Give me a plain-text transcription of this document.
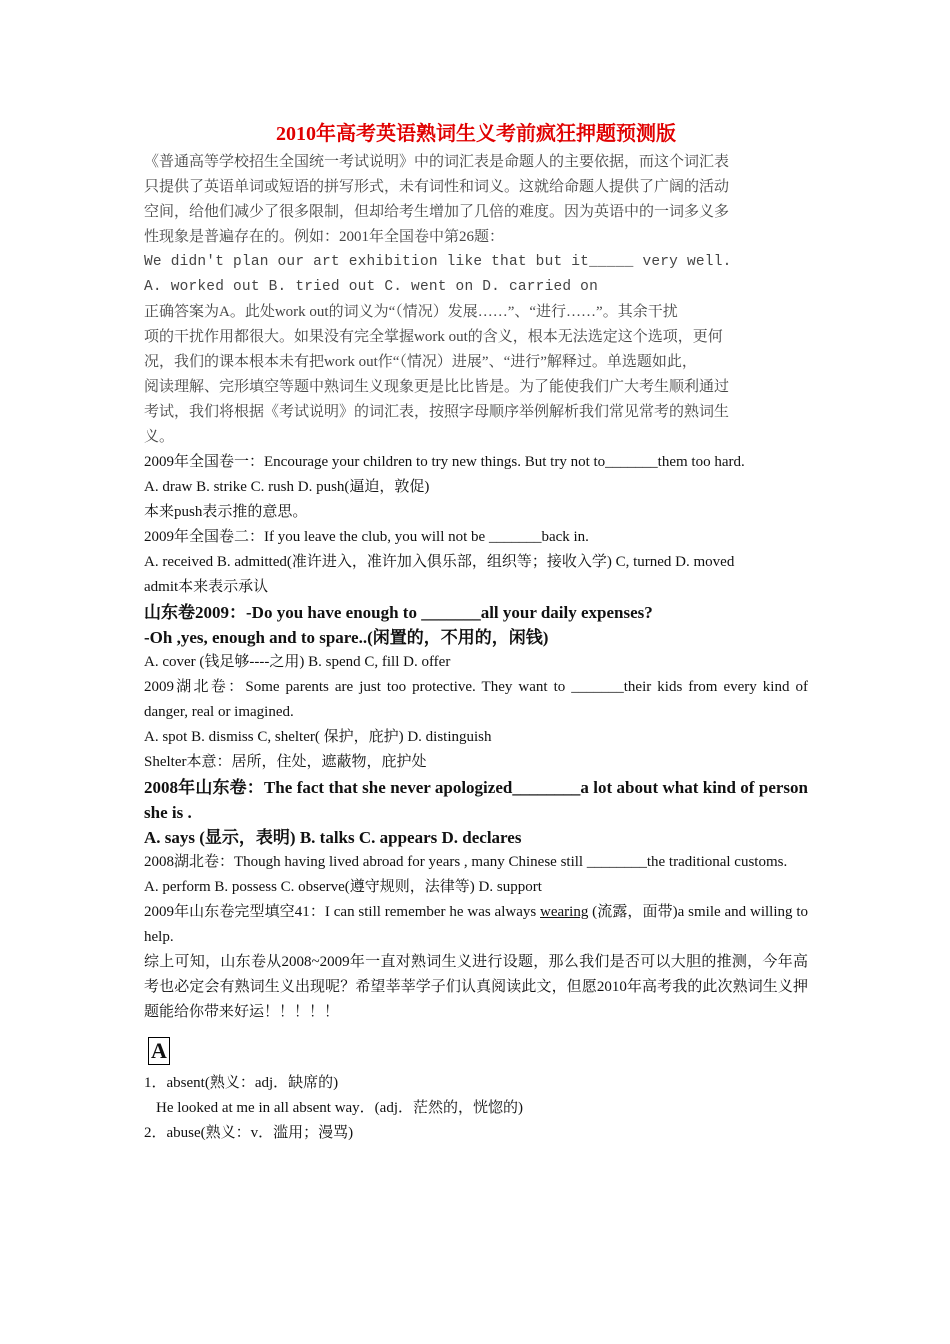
2010年高考英语熟词生义考前疯狂押题预测版
《普通高等学校招生全国统一考试说明》中的词汇表是命题人的主要依据，而这个词汇表
只提供了英语单词或短语的拼写形式，未有词性和词义。这就给命题人提供了广阔的活动
空间，给他们减少了很多限制，但却给考生增加了几倍的难度。因为英语中的一词多义多
性现象是普遍存在的。例如：2001年全国卷中第26题：
We didn't plan our art exhibition like that but it_____ very well.
A. worked out B. tried out C. went on D. carried on
正确答案为A。此处work out的词义为“（情况）发展……”、“进行……”。其余干扰
项的干扰作用都很大。如果没有完全掌握work out的含义，根本无法选定这个选项，更何
况，我们的课本根本未有把work out作“（情况）进展”、“进行”解释过。单选题如此，
阅读理解、完形填空等题中熟词生义现象更是比比皆是。为了能使我们广大考生顺利通过
考试，我们将根据《考试说明》的词汇表，按照字母顺序举例解析我们常见常考的熟词生
义。
2009年全国卷一：Encourage your children to try new things. But try not to_______them too hard.
A. draw B. strike C. rush D. push(逼迫，敦促)
本来push表示推的意思。
2009年全国卷二：If you leave the club, you will not be _______back in.
A. received B. admitted(准许进入，准许加入俱乐部，组织等；接收入学) C, turned D. moved
admit本来表示承认
山东卷2009：-Do you have enough to _______all your daily expenses?
-Oh ,yes, enough and to spare..(闲置的，不用的，闲钱)
A. cover (钱足够----之用) B. spend C, fill D. offer
2009湖北卷：Some parents are just too protective. They want to _______their kids from every kind of danger, real or imagined.
A. spot B. dismiss C, shelter( 保护，庇护) D. distinguish
Shelter本意：居所，住处，遮蔽物，庇护处
2008年山东卷：The fact that she never apologized________a lot about what kind of person she is .
A. says (显示，表明) B. talks C. appears D. declares
2008湖北卷：Though having lived abroad for years , many Chinese still ________the traditional customs.
A. perform B. possess C. observe(遵守规则，法律等) D. support
2009年山东卷完型填空41：I can still remember he was always wearing (流露，面带)a smile and willing to help.
综上可知，山东卷从2008~2009年一直对熟词生义进行设题，那么我们是否可以大胆的推测，今年高考也必定会有熟词生义出现呢？希望莘莘学子们认真阅读此文，但愿2010年高考我的此次熟词生义押题能给你带来好运！！！！！
A
1．absent(熟义：adj．缺席的)
He looked at me in all absent way．(adj．茫然的，恍惚的)
2．abuse(熟义：v．滥用；漫骂)
